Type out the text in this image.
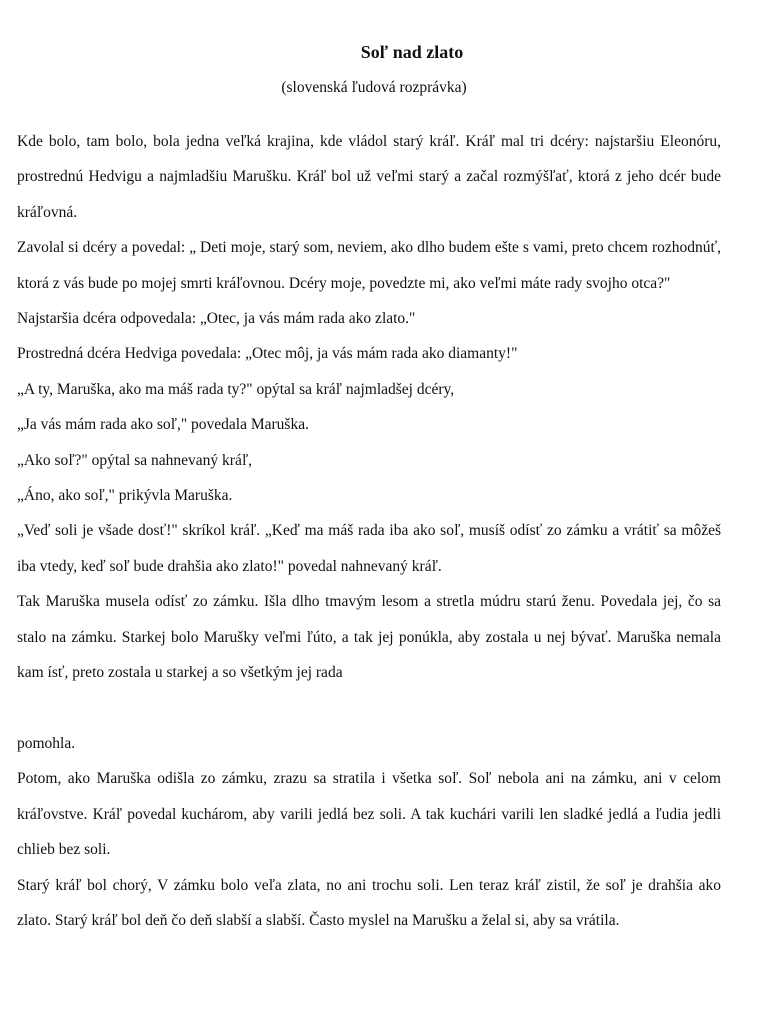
Soľ nad zlato
(slovenská ľudová rozprávka)

Kde bolo, tam bolo, bola jedna veľká krajina, kde vládol starý kráľ. Kráľ mal tri dcéry: najstaršiu Eleonóru, prostrednú Hedvigu a najmladšiu Marušku. Kráľ bol už veľmi starý a začal rozmýšľať, ktorá z jeho dcér bude kráľovná.

Zavolal si dcéry a povedal: „ Deti moje, starý som, neviem, ako dlho budem ešte s vami, preto chcem rozhodnúť, ktorá z vás bude po mojej smrti kráľovnou. Dcéry moje, povedzte mi, ako veľmi máte rady svojho otca?"

Najstaršia dcéra odpovedala: „Otec, ja vás mám rada ako zlato."

Prostredná dcéra Hedviga povedala: „Otec môj, ja vás mám rada ako diamanty!"

„A ty, Maruška, ako ma máš rada ty?" opýtal sa kráľ najmladšej dcéry,

„Ja vás mám rada ako soľ," povedala Maruška.

„Ako soľ?" opýtal sa nahnevaný kráľ,

„Áno, ako soľ," prikývla Maruška.

„Veď soli je všade dosť!" skríkol kráľ. „Keď ma máš rada iba ako soľ, musíš odísť zo zámku a vrátiť sa môžeš iba vtedy, keď soľ bude drahšia ako zlato!" povedal nahnevaný kráľ.

Tak Maruška musela odísť zo zámku. Išla dlho tmavým lesom a stretla múdru starú ženu. Povedala jej, čo sa stalo na zámku. Starkej bolo Marušky veľmi ľúto, a tak jej ponúkla, aby zostala u nej bývať. Maruška nemala kam ísť, preto zostala u starkej a so všetkým jej rada

pomohla.

Potom, ako Maruška odišla zo zámku, zrazu sa stratila i všetka soľ. Soľ nebola ani na zámku, ani v celom kráľovstve. Kráľ povedal kuchárom, aby varili jedlá bez soli. A tak kuchári varili len sladké jedlá a ľudia jedli chlieb bez soli.

Starý kráľ bol chorý, V zámku bolo veľa zlata, no ani trochu soli. Len teraz kráľ zistil, že soľ je drahšia ako zlato. Starý kráľ bol deň čo deň slabší a slabší. Často myslel na Marušku a želal si, aby sa vrátila.
